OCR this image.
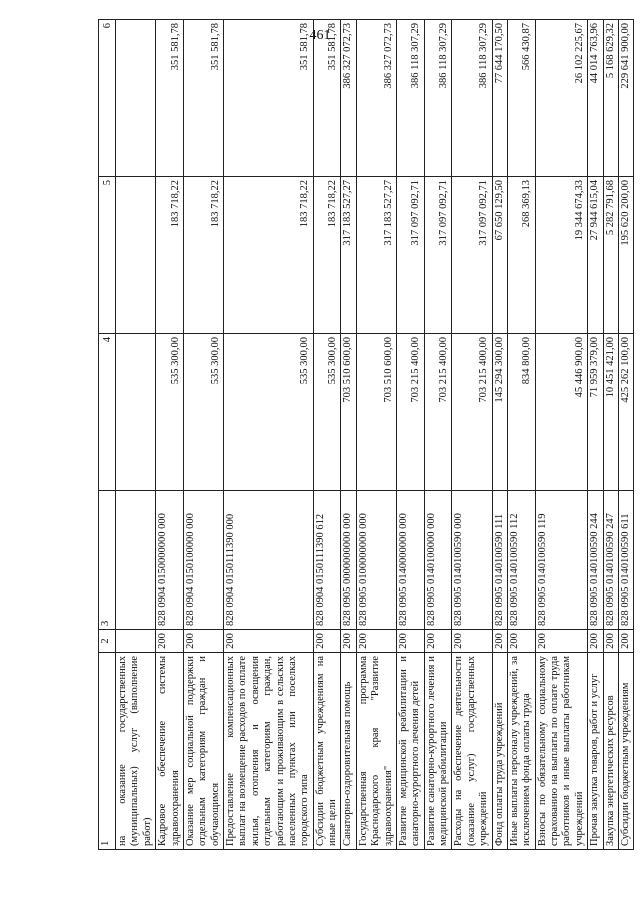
461
1	2	3	4	5	6
на оказание государственных (муниципальных) услуг (выполнение работ)					
Кадровое обеспечение системы здравоохранения	200	828 0904 0150000000 000	535 300,00	183 718,22	351 581,78
Оказание мер социальной поддержки отдельным категориям граждан и обучающимся	200	828 0904 0150100000 000	535 300,00	183 718,22	351 581,78
Предоставление компенсационных выплат на возмещение расходов по оплате жилья, отопления и освещения отдельным категориям граждан, работающим и проживающим в сельских населенных пунктах или поселках городского типа	200	828 0904 0150111390 000	535 300,00	183 718,22	351 581,78
Субсидии бюджетным учреждениям на иные цели	200	828 0904 0150111390 612	535 300,00	183 718,22	351 581,78
Санаторно-оздоровительная помощь	200	828 0905 0000000000 000	703 510 600,00	317 183 527,27	386 327 072,73
Государственная программа Краснодарского края "Развитие здравоохранения"	200	828 0905 0100000000 000	703 510 600,00	317 183 527,27	386 327 072,73
Развитие медицинской реабилитации и санаторно-курортного лечения детей	200	828 0905 0140000000 000	703 215 400,00	317 097 092,71	386 118 307,29
Развитие санаторно-курортного лечения и медицинской реабилитации	200	828 0905 0140100000 000	703 215 400,00	317 097 092,71	386 118 307,29
Расходы на обеспечение деятельности (оказание услуг) государственных учреждений	200	828 0905 0140100590 000	703 215 400,00	317 097 092,71	386 118 307,29
Фонд оплаты труда учреждений	200	828 0905 0140100590 111	145 294 300,00	67 650 129,50	77 644 170,50
Иные выплаты персоналу учреждений, за исключением фонда оплаты труда	200	828 0905 0140100590 112	834 800,00	268 369,13	566 430,87
Взносы по обязательному социальному страхованию на выплаты по оплате труда работников и иные выплаты работникам учреждений	200	828 0905 0140100590 119	45 446 900,00	19 344 674,33	26 102 225,67
Прочая закупка товаров, работ и услуг	200	828 0905 0140100590 244	71 959 379,00	27 944 615,04	44 014 763,96
Закупка энергетических ресурсов	200	828 0905 0140100590 247	10 451 421,00	5 282 791,68	5 168 629,32
Субсидии бюджетным учреждениям	200	828 0905 0140100590 611	425 262 100,00	195 620 200,00	229 641 900,00
